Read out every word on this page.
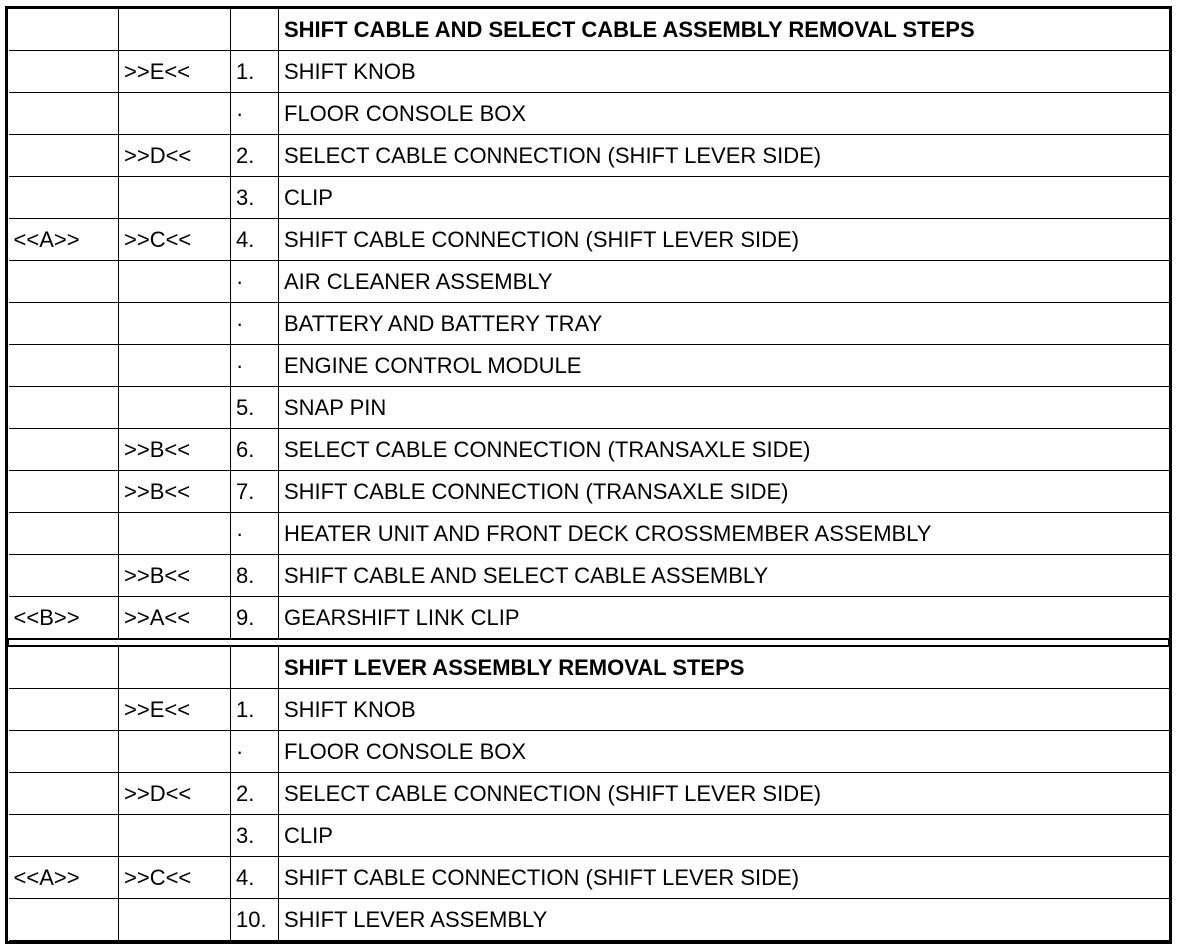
			SHIFT CABLE AND SELECT CABLE ASSEMBLY REMOVAL STEPS
	>>E<<	1.	SHIFT KNOB
		·	FLOOR CONSOLE BOX
	>>D<<	2.	SELECT CABLE CONNECTION (SHIFT LEVER SIDE)
		3.	CLIP
<<A>>	>>C<<	4.	SHIFT CABLE CONNECTION (SHIFT LEVER SIDE)
		·	AIR CLEANER ASSEMBLY
		·	BATTERY AND BATTERY TRAY
		·	ENGINE CONTROL MODULE
		5.	SNAP PIN
	>>B<<	6.	SELECT CABLE CONNECTION (TRANSAXLE SIDE)
	>>B<<	7.	SHIFT CABLE CONNECTION (TRANSAXLE SIDE)
		·	HEATER UNIT AND FRONT DECK CROSSMEMBER ASSEMBLY
	>>B<<	8.	SHIFT CABLE AND SELECT CABLE ASSEMBLY
<<B>>	>>A<<	9.	GEARSHIFT LINK CLIP

			SHIFT LEVER ASSEMBLY REMOVAL STEPS
	>>E<<	1.	SHIFT KNOB
		·	FLOOR CONSOLE BOX
	>>D<<	2.	SELECT CABLE CONNECTION (SHIFT LEVER SIDE)
		3.	CLIP
<<A>>	>>C<<	4.	SHIFT CABLE CONNECTION (SHIFT LEVER SIDE)
		10.	SHIFT LEVER ASSEMBLY
